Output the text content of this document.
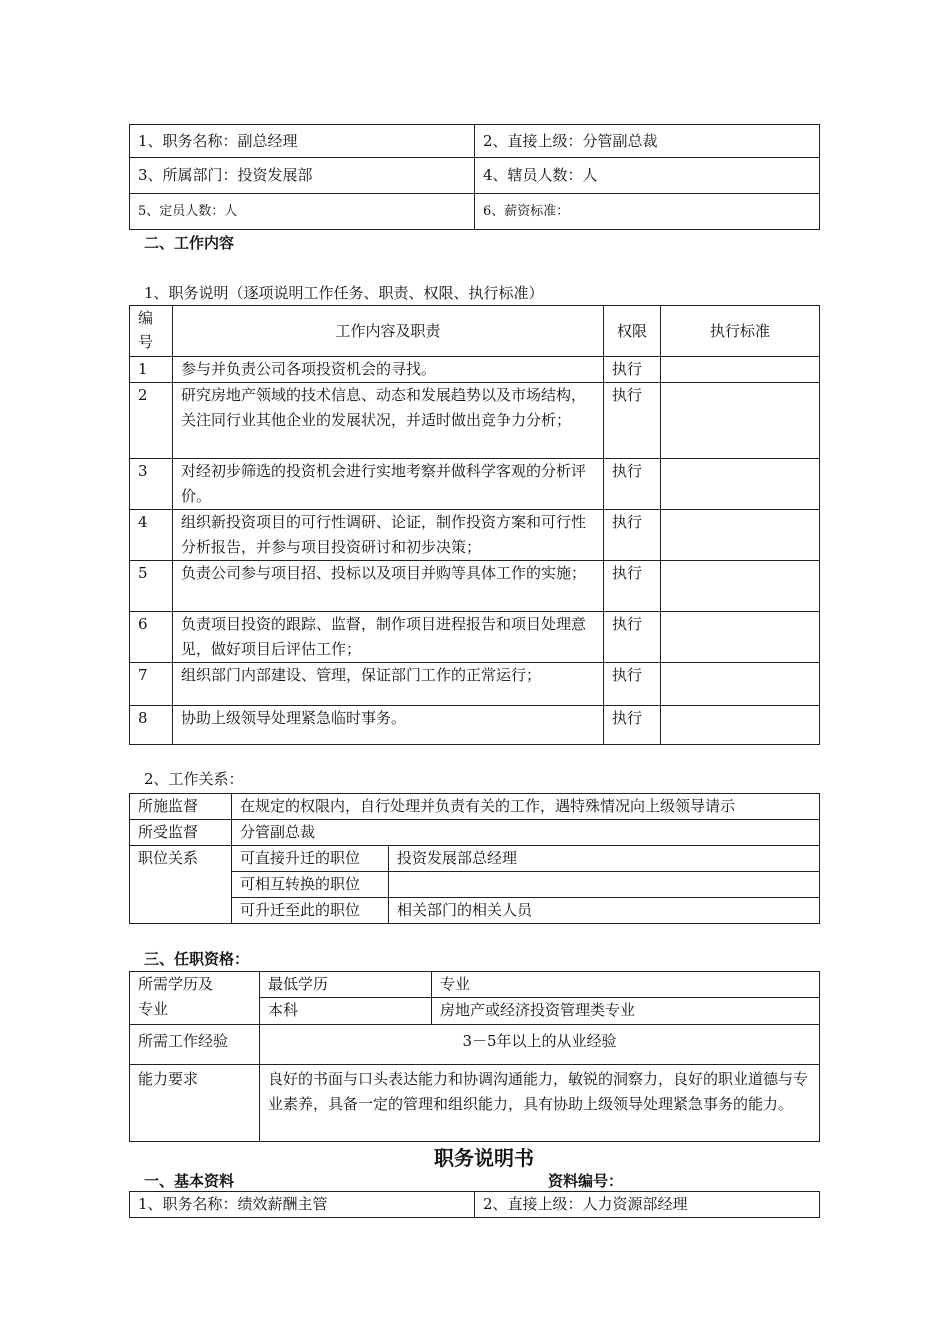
1、职务名称：副总经理	2、直接上级：分管副总裁
3、所属部门：投资发展部	4、辖员人数：人
5、定员人数：人	6、薪资标准：
二、工作内容
1、职务说明（逐项说明工作任务、职责、权限、执行标准）
编
号	工作内容及职责	权限	执行标准
1	参与并负责公司各项投资机会的寻找。	执行	
2	研究房地产领域的技术信息、动态和发展趋势以及市场结构，关注同行业其他企业的发展状况，并适时做出竞争力分析；	执行	
3	对经初步筛选的投资机会进行实地考察并做科学客观的分析评价。	执行	
4	组织新投资项目的可行性调研、论证，制作投资方案和可行性分析报告，并参与项目投资研讨和初步决策；	执行	
5	负责公司参与项目招、投标以及项目并购等具体工作的实施；	执行	
6	负责项目投资的跟踪、监督，制作项目进程报告和项目处理意见，做好项目后评估工作；	执行	
7	组织部门内部建设、管理，保证部门工作的正常运行；	执行	
8	协助上级领导处理紧急临时事务。	执行	
2、工作关系：
所施监督	在规定的权限内，自行处理并负责有关的工作，遇特殊情况向上级领导请示	
所受监督	分管副总裁	
职位关系	可直接升迁的职位	投资发展部总经理
	可相互转换的职位	
	可升迁至此的职位	相关部门的相关人员
三、任职资格：
所需学历及
专业	最低学历	专业
	本科	房地产或经济投资管理类专业
所需工作经验	3－5年以上的从业经验	
能力要求	良好的书面与口头表达能力和协调沟通能力，敏锐的洞察力，良好的职业道德与专业素养，具备一定的管理和组织能力，具有协助上级领导处理紧急事务的能力。	
职务说明书
一、基本资料	资料编号：
1、职务名称：绩效薪酬主管	2、直接上级：人力资源部经理
